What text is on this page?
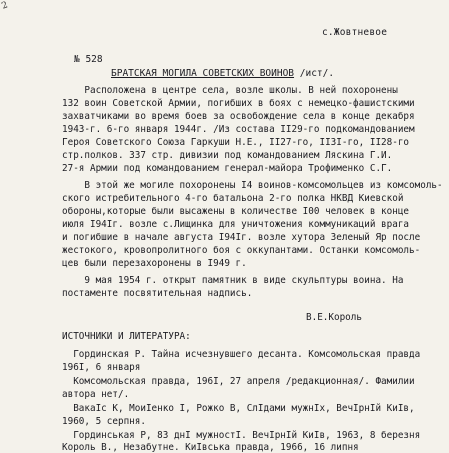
2
с.Жовтневое
№ 528
БРАТСКАЯ МОГИЛА СОВЕТСКИХ ВОИНОВ /ист/.
Расположена в центре села, возле школы. В ней похоронены
132 воин Советской Армии, погибших в боях с немецко-фашистскими
захватчиками во время боев за освобождение села в конце декабря
1943-г. 6-го января 1944г. /Из состава II29-го подкомандованием
Героя Советского Союза Гаркуши Н.Е., II27-го, II3I-го, II28-го
стр.полков. 337 стр. дивизии под командованием Ляскина Г.И.
27-я Армии под командованием генерал-майора Трофименко С.Г.
В этой же могиле похоронены I4 воинов-комсомольцев из комсомоль-
ского истребительного 4-го батальона 2-го полка НКВД Киевской
обороны,которые были высажены в количестве I00 человек в конце
июля I94Iг. возле с.Лищинка для уничтожения коммуникаций врага
и погибшие в начале августа I94Iг. возле хутора Зеленый Яр после
жестокого, кровопролитного боя с оккупантами. Останки комсомоль-
цев были перезахоронены в I949 г.
9 мая 1954 г. открыт памятник в виде скульптуры воина. На
постаменте посвятительная надпись.
В.Е.Король
ИСТОЧНИКИ И ЛИТЕРАТУРА:
Гординская Р. Тайна исчезнувшего десанта. Комсомольская правда
196I, 6 января
Комсомольская правда, 196I, 27 апреля /редакционная/. Фамилии
автора нет/.
ВакаIс К, МоиIенко I, Рожко В, СлIдами мужнIх, ВечIрнIй КиIв,
1960, 5 серпня.
Гординськая Р, 83 днI мужностI. ВечIрнIй КиIв, 1963, 8 березня
Король В., Незабутне. КиIвська правда, 1966, 16 липня
